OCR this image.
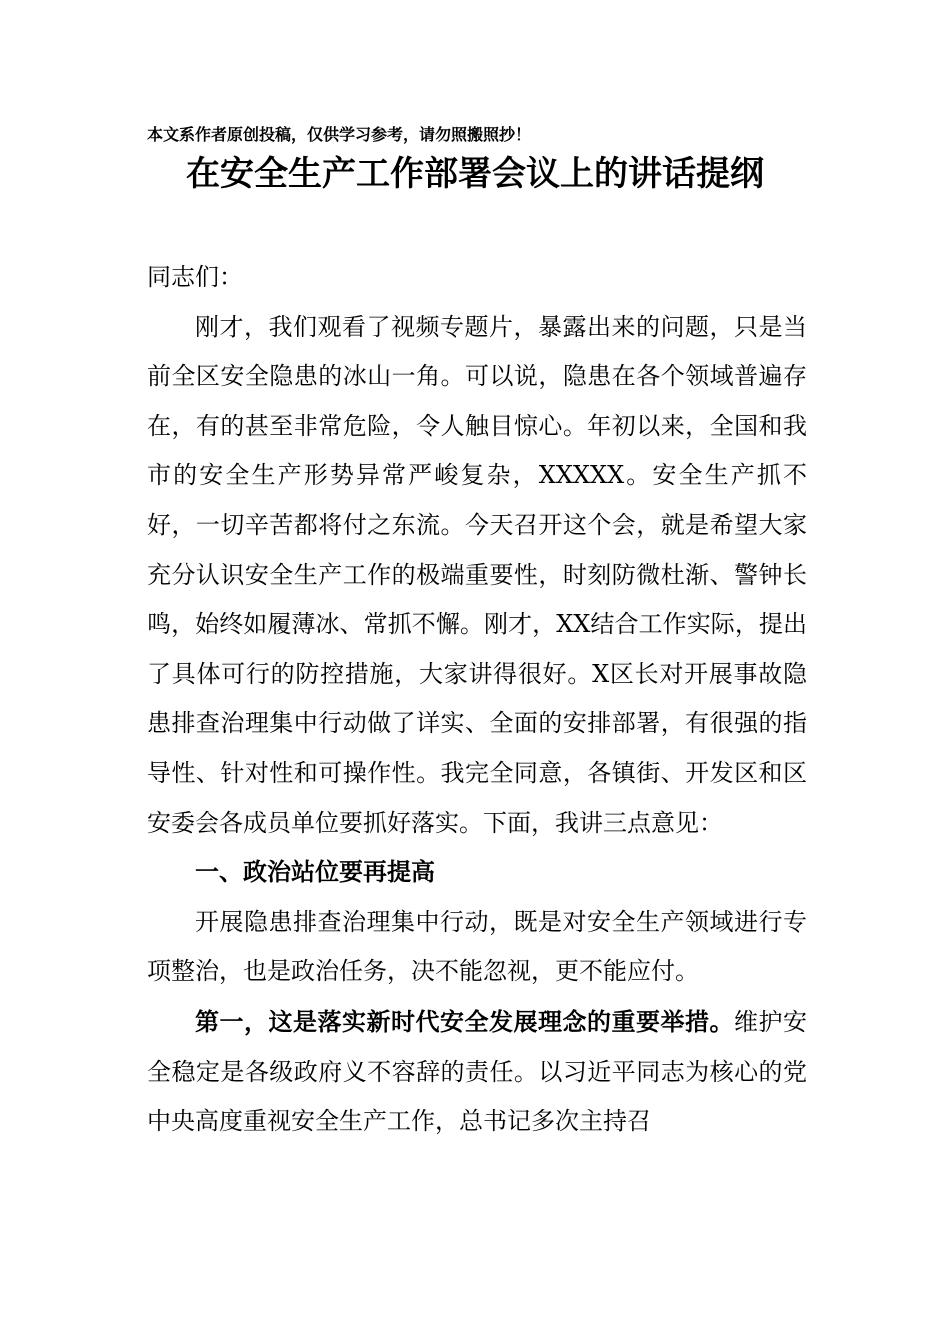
本文系作者原创投稿，仅供学习参考，请勿照搬照抄！
在安全生产工作部署会议上的讲话提纲

同志们：

刚才，我们观看了视频专题片，暴露出来的问题，只是当前全区安全隐患的冰山一角。可以说，隐患在各个领域普遍存在，有的甚至非常危险，令人触目惊心。年初以来，全国和我市的安全生产形势异常严峻复杂，XXXXX。安全生产抓不好，一切辛苦都将付之东流。今天召开这个会，就是希望大家充分认识安全生产工作的极端重要性，时刻防微杜渐、警钟长鸣，始终如履薄冰、常抓不懈。刚才，XX结合工作实际，提出了具体可行的防控措施，大家讲得很好。X区长对开展事故隐患排查治理集中行动做了详实、全面的安排部署，有很强的指导性、针对性和可操作性。我完全同意，各镇街、开发区和区安委会各成员单位要抓好落实。下面，我讲三点意见：

一、政治站位要再提高

开展隐患排查治理集中行动，既是对安全生产领域进行专项整治，也是政治任务，决不能忽视，更不能应付。

第一，这是落实新时代安全发展理念的重要举措。维护安全稳定是各级政府义不容辞的责任。以习近平同志为核心的党中央高度重视安全生产工作，总书记多次主持召
